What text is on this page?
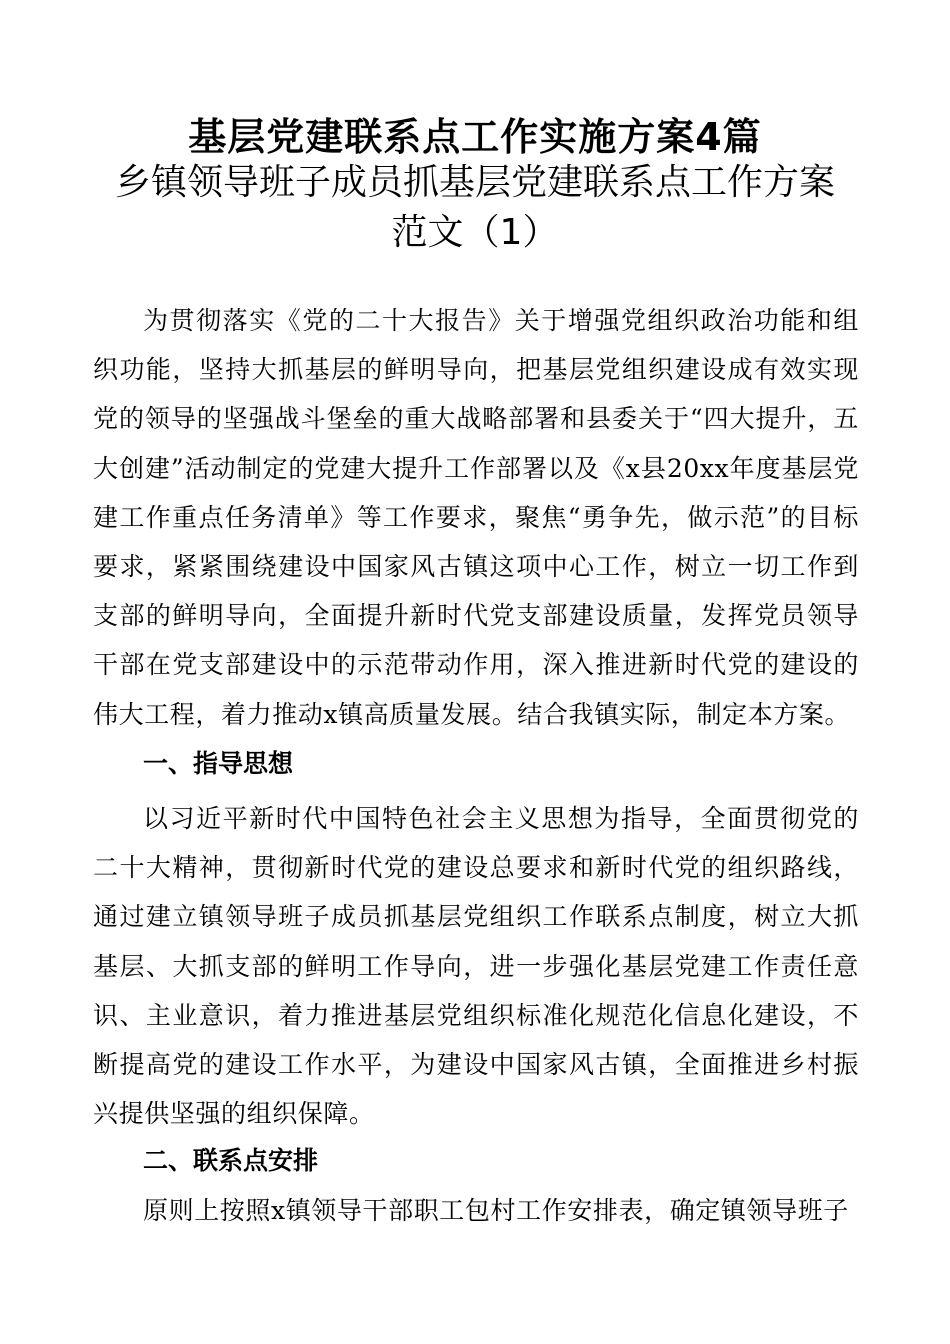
基层党建联系点工作实施方案4篇
乡镇领导班子成员抓基层党建联系点工作方案范文（1）

为贯彻落实《党的二十大报告》关于增强党组织政治功能和组织功能，坚持大抓基层的鲜明导向，把基层党组织建设成有效实现党的领导的坚强战斗堡垒的重大战略部署和县委关于“四大提升，五大创建”活动制定的党建大提升工作部署以及《x县20xx年度基层党建工作重点任务清单》等工作要求，聚焦“勇争先，做示范”的目标要求，紧紧围绕建设中国家风古镇这项中心工作，树立一切工作到支部的鲜明导向，全面提升新时代党支部建设质量，发挥党员领导干部在党支部建设中的示范带动作用，深入推进新时代党的建设的伟大工程，着力推动x镇高质量发展。结合我镇实际，制定本方案。

一、指导思想

以习近平新时代中国特色社会主义思想为指导，全面贯彻党的二十大精神，贯彻新时代党的建设总要求和新时代党的组织路线，通过建立镇领导班子成员抓基层党组织工作联系点制度，树立大抓基层、大抓支部的鲜明工作导向，进一步强化基层党建工作责任意识、主业意识，着力推进基层党组织标准化规范化信息化建设，不断提高党的建设工作水平，为建设中国家风古镇，全面推进乡村振兴提供坚强的组织保障。

二、联系点安排

原则上按照x镇领导干部职工包村工作安排表，确定镇领导班子
